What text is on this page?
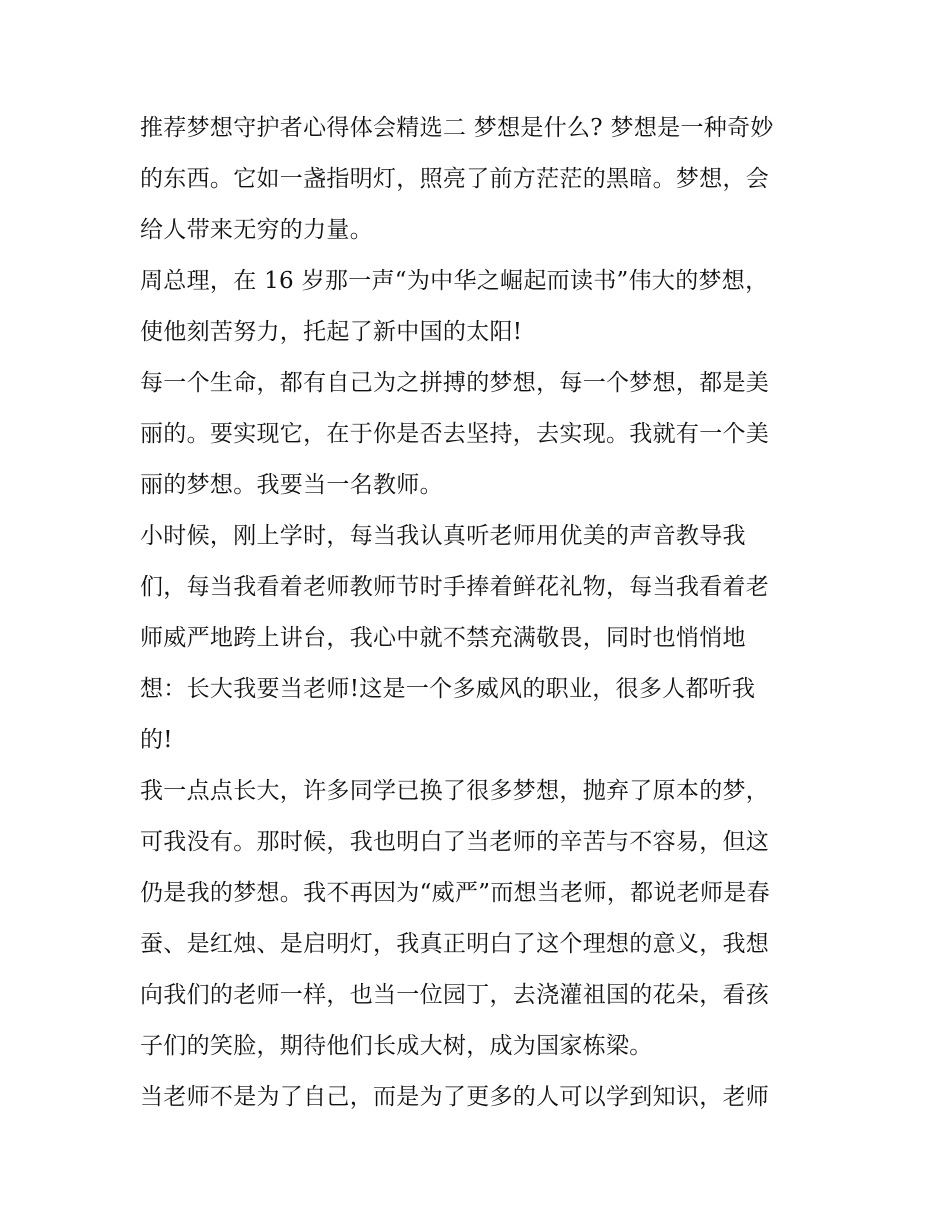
推荐梦想守护者心得体会精选二 梦想是什么? 梦想是一种奇妙
的东西。它如一盏指明灯，照亮了前方茫茫的黑暗。梦想，会
给人带来无穷的力量。
周总理，在 16 岁那一声“为中华之崛起而读书”伟大的梦想，
使他刻苦努力，托起了新中国的太阳!
每一个生命，都有自己为之拼搏的梦想，每一个梦想，都是美
丽的。要实现它，在于你是否去坚持，去实现。我就有一个美
丽的梦想。我要当一名教师。
小时候，刚上学时，每当我认真听老师用优美的声音教导我
们，每当我看着老师教师节时手捧着鲜花礼物，每当我看着老
师威严地跨上讲台，我心中就不禁充满敬畏，同时也悄悄地
想：长大我要当老师!这是一个多威风的职业，很多人都听我
的!
我一点点长大，许多同学已换了很多梦想，抛弃了原本的梦，
可我没有。那时候，我也明白了当老师的辛苦与不容易，但这
仍是我的梦想。我不再因为“威严”而想当老师，都说老师是春
蚕、是红烛、是启明灯，我真正明白了这个理想的意义，我想
向我们的老师一样，也当一位园丁，去浇灌祖国的花朵，看孩
子们的笑脸，期待他们长成大树，成为国家栋梁。
当老师不是为了自己，而是为了更多的人可以学到知识，老师
